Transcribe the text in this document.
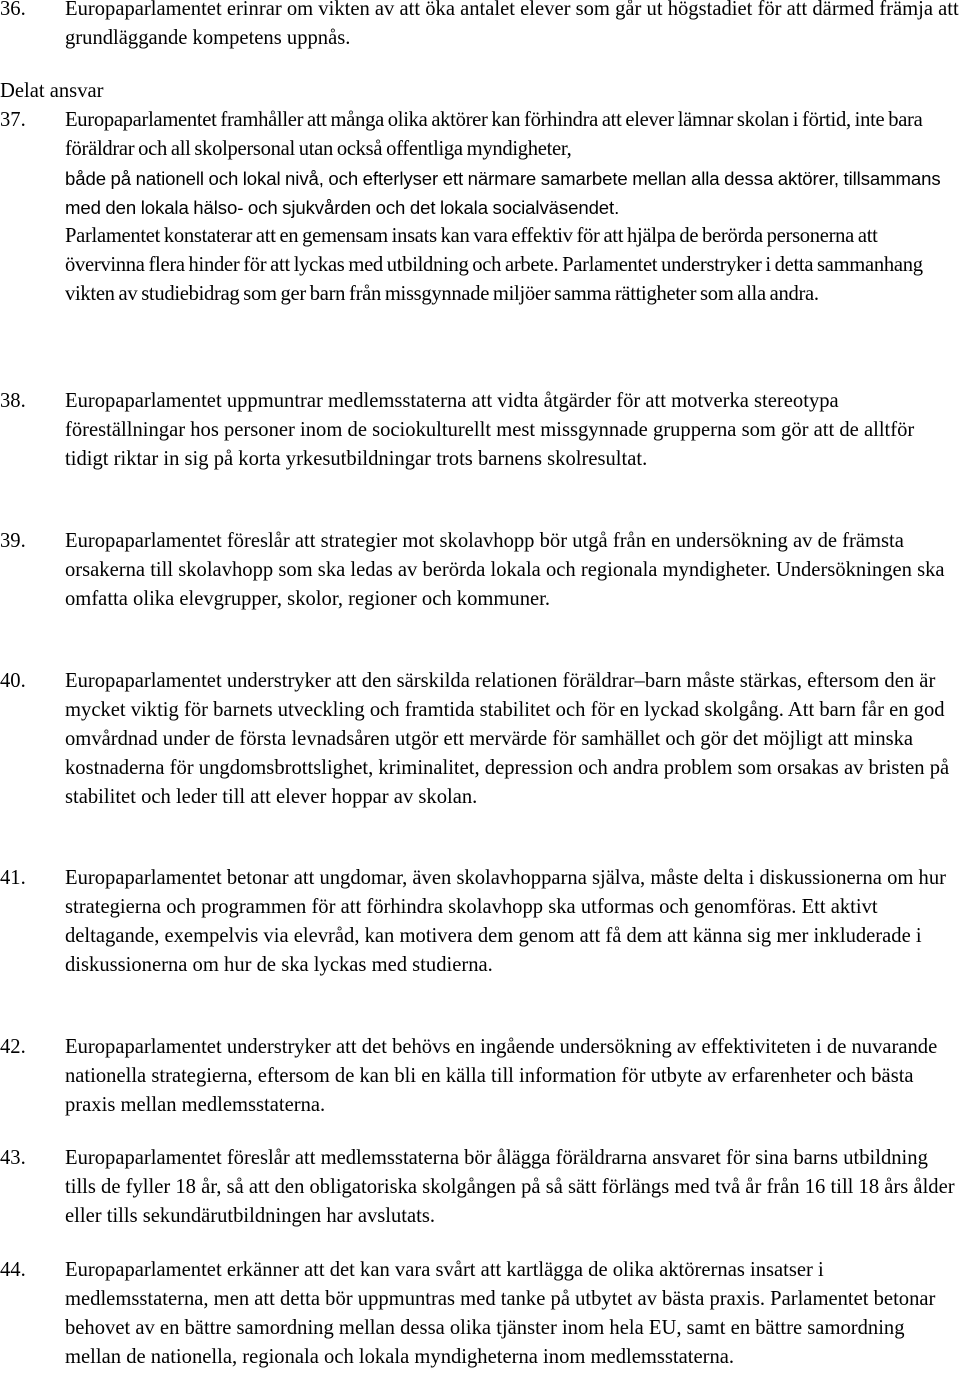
36.	Europaparlamentet erinrar om vikten av att öka antalet elever som går ut högstadiet för att därmed främja att grundläggande kompetens uppnås.
Delat ansvar
37.	Europaparlamentet framhåller att många olika aktörer kan förhindra att elever lämnar skolan i förtid, inte bara föräldrar och all skolpersonal utan också offentliga myndigheter,
både på nationell och lokal nivå, och efterlyser ett närmare samarbete mellan alla dessa aktörer, tillsammans med den lokala hälso- och sjukvården och det lokala socialväsendet.
Parlamentet konstaterar att en gemensam insats kan vara effektiv för att hjälpa de berörda personerna att övervinna flera hinder för att lyckas med utbildning och arbete. Parlamentet understryker i detta sammanhang vikten av studiebidrag som ger barn från missgynnade miljöer samma rättigheter som alla andra.
38.	Europaparlamentet uppmuntrar medlemsstaterna att vidta åtgärder för att motverka stereotypa föreställningar hos personer inom de sociokulturellt mest missgynnade grupperna som gör att de alltför tidigt riktar in sig på korta yrkesutbildningar trots barnens skolresultat.
39.	Europaparlamentet föreslår att strategier mot skolavhopp bör utgå från en undersökning av de främsta orsakerna till skolavhopp som ska ledas av berörda lokala och regionala myndigheter. Undersökningen ska omfatta olika elevgrupper, skolor, regioner och kommuner.
40.	Europaparlamentet understryker att den särskilda relationen föräldrar–barn måste stärkas, eftersom den är mycket viktig för barnets utveckling och framtida stabilitet och för en lyckad skolgång. Att barn får en god omvårdnad under de första levnadsåren utgör ett mervärde för samhället och gör det möjligt att minska kostnaderna för ungdomsbrottslighet, kriminalitet, depression och andra problem som orsakas av bristen på stabilitet och leder till att elever hoppar av skolan.
41.	Europaparlamentet betonar att ungdomar, även skolavhopparna själva, måste delta i diskussionerna om hur strategierna och programmen för att förhindra skolavhopp ska utformas och genomföras. Ett aktivt deltagande, exempelvis via elevråd, kan motivera dem genom att få dem att känna sig mer inkluderade i diskussionerna om hur de ska lyckas med studierna.
42.	Europaparlamentet understryker att det behövs en ingående undersökning av effektiviteten i de nuvarande nationella strategierna, eftersom de kan bli en källa till information för utbyte av erfarenheter och bästa praxis mellan medlemsstaterna.
43.	Europaparlamentet föreslår att medlemsstaterna bör ålägga föräldrarna ansvaret för sina barns utbildning tills de fyller 18 år, så att den obligatoriska skolgången på så sätt förlängs med två år från 16 till 18 års ålder eller tills sekundärutbildningen har avslutats.
44.	Europaparlamentet erkänner att det kan vara svårt att kartlägga de olika aktörernas insatser i medlemsstaterna, men att detta bör uppmuntras med tanke på utbytet av bästa praxis. Parlamentet betonar behovet av en bättre samordning mellan dessa olika tjänster inom hela EU, samt en bättre samordning mellan de nationella, regionala och lokala myndigheterna inom medlemsstaterna.
